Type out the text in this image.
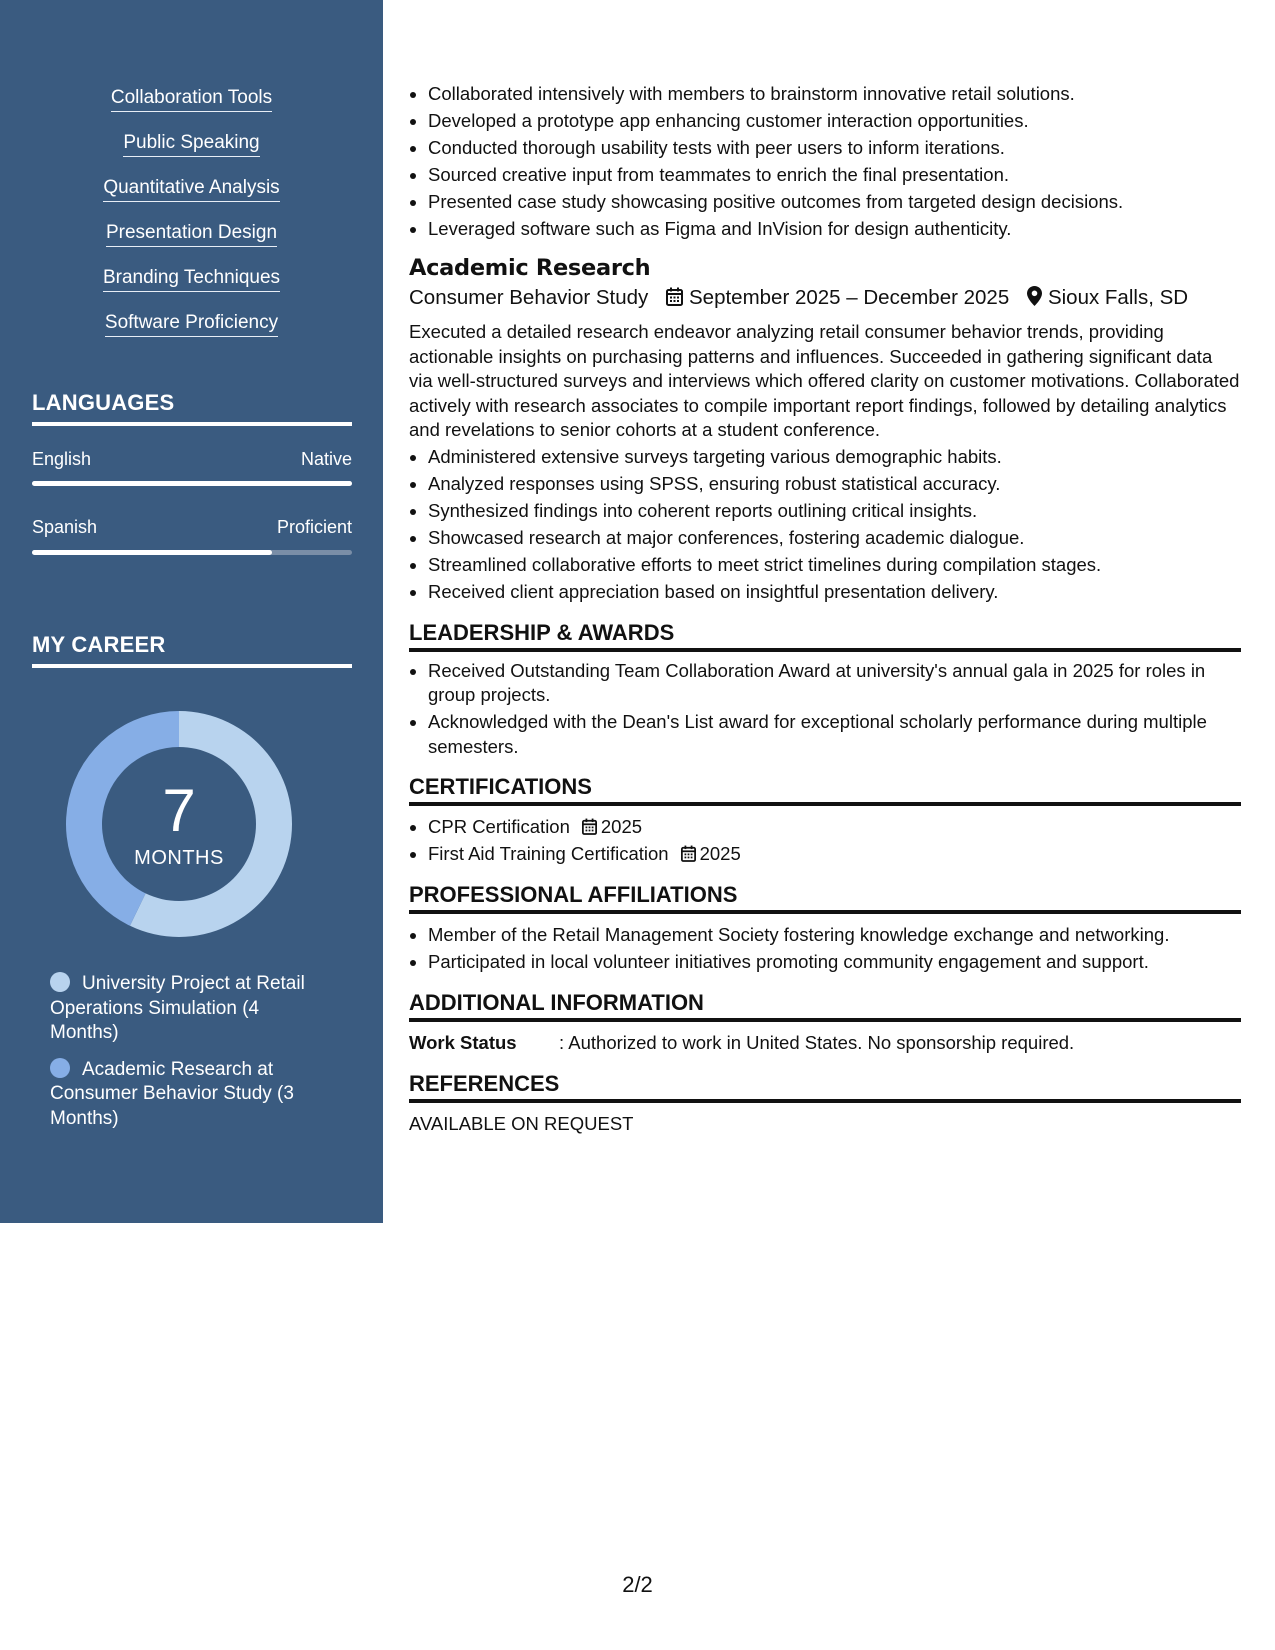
Collaboration Tools
Public Speaking
Quantitative Analysis
Presentation Design
Branding Techniques
Software Proficiency
LANGUAGES
English	Native
Spanish	Proficient
MY CAREER
7
MONTHS
University Project at Retail Operations Simulation (4 Months)
Academic Research at Consumer Behavior Study (3 Months)
• Collaborated intensively with members to brainstorm innovative retail solutions.
• Developed a prototype app enhancing customer interaction opportunities.
• Conducted thorough usability tests with peer users to inform iterations.
• Sourced creative input from teammates to enrich the final presentation.
• Presented case study showcasing positive outcomes from targeted design decisions.
• Leveraged software such as Figma and InVision for design authenticity.
Academic Research
Consumer Behavior Study September 2025 – December 2025 Sioux Falls, SD
Executed a detailed research endeavor analyzing retail consumer behavior trends, providing actionable insights on purchasing patterns and influences. Succeeded in gathering significant data via well-structured surveys and interviews which offered clarity on customer motivations. Collaborated actively with research associates to compile important report findings, followed by detailing analytics and revelations to senior cohorts at a student conference.
• Administered extensive surveys targeting various demographic habits.
• Analyzed responses using SPSS, ensuring robust statistical accuracy.
• Synthesized findings into coherent reports outlining critical insights.
• Showcased research at major conferences, fostering academic dialogue.
• Streamlined collaborative efforts to meet strict timelines during compilation stages.
• Received client appreciation based on insightful presentation delivery.
LEADERSHIP & AWARDS
• Received Outstanding Team Collaboration Award at university's annual gala in 2025 for roles in group projects.
• Acknowledged with the Dean's List award for exceptional scholarly performance during multiple semesters.
CERTIFICATIONS
• CPR Certification 2025
• First Aid Training Certification 2025
PROFESSIONAL AFFILIATIONS
• Member of the Retail Management Society fostering knowledge exchange and networking.
• Participated in local volunteer initiatives promoting community engagement and support.
ADDITIONAL INFORMATION
Work Status : Authorized to work in United States. No sponsorship required.
REFERENCES
AVAILABLE ON REQUEST
2/2
